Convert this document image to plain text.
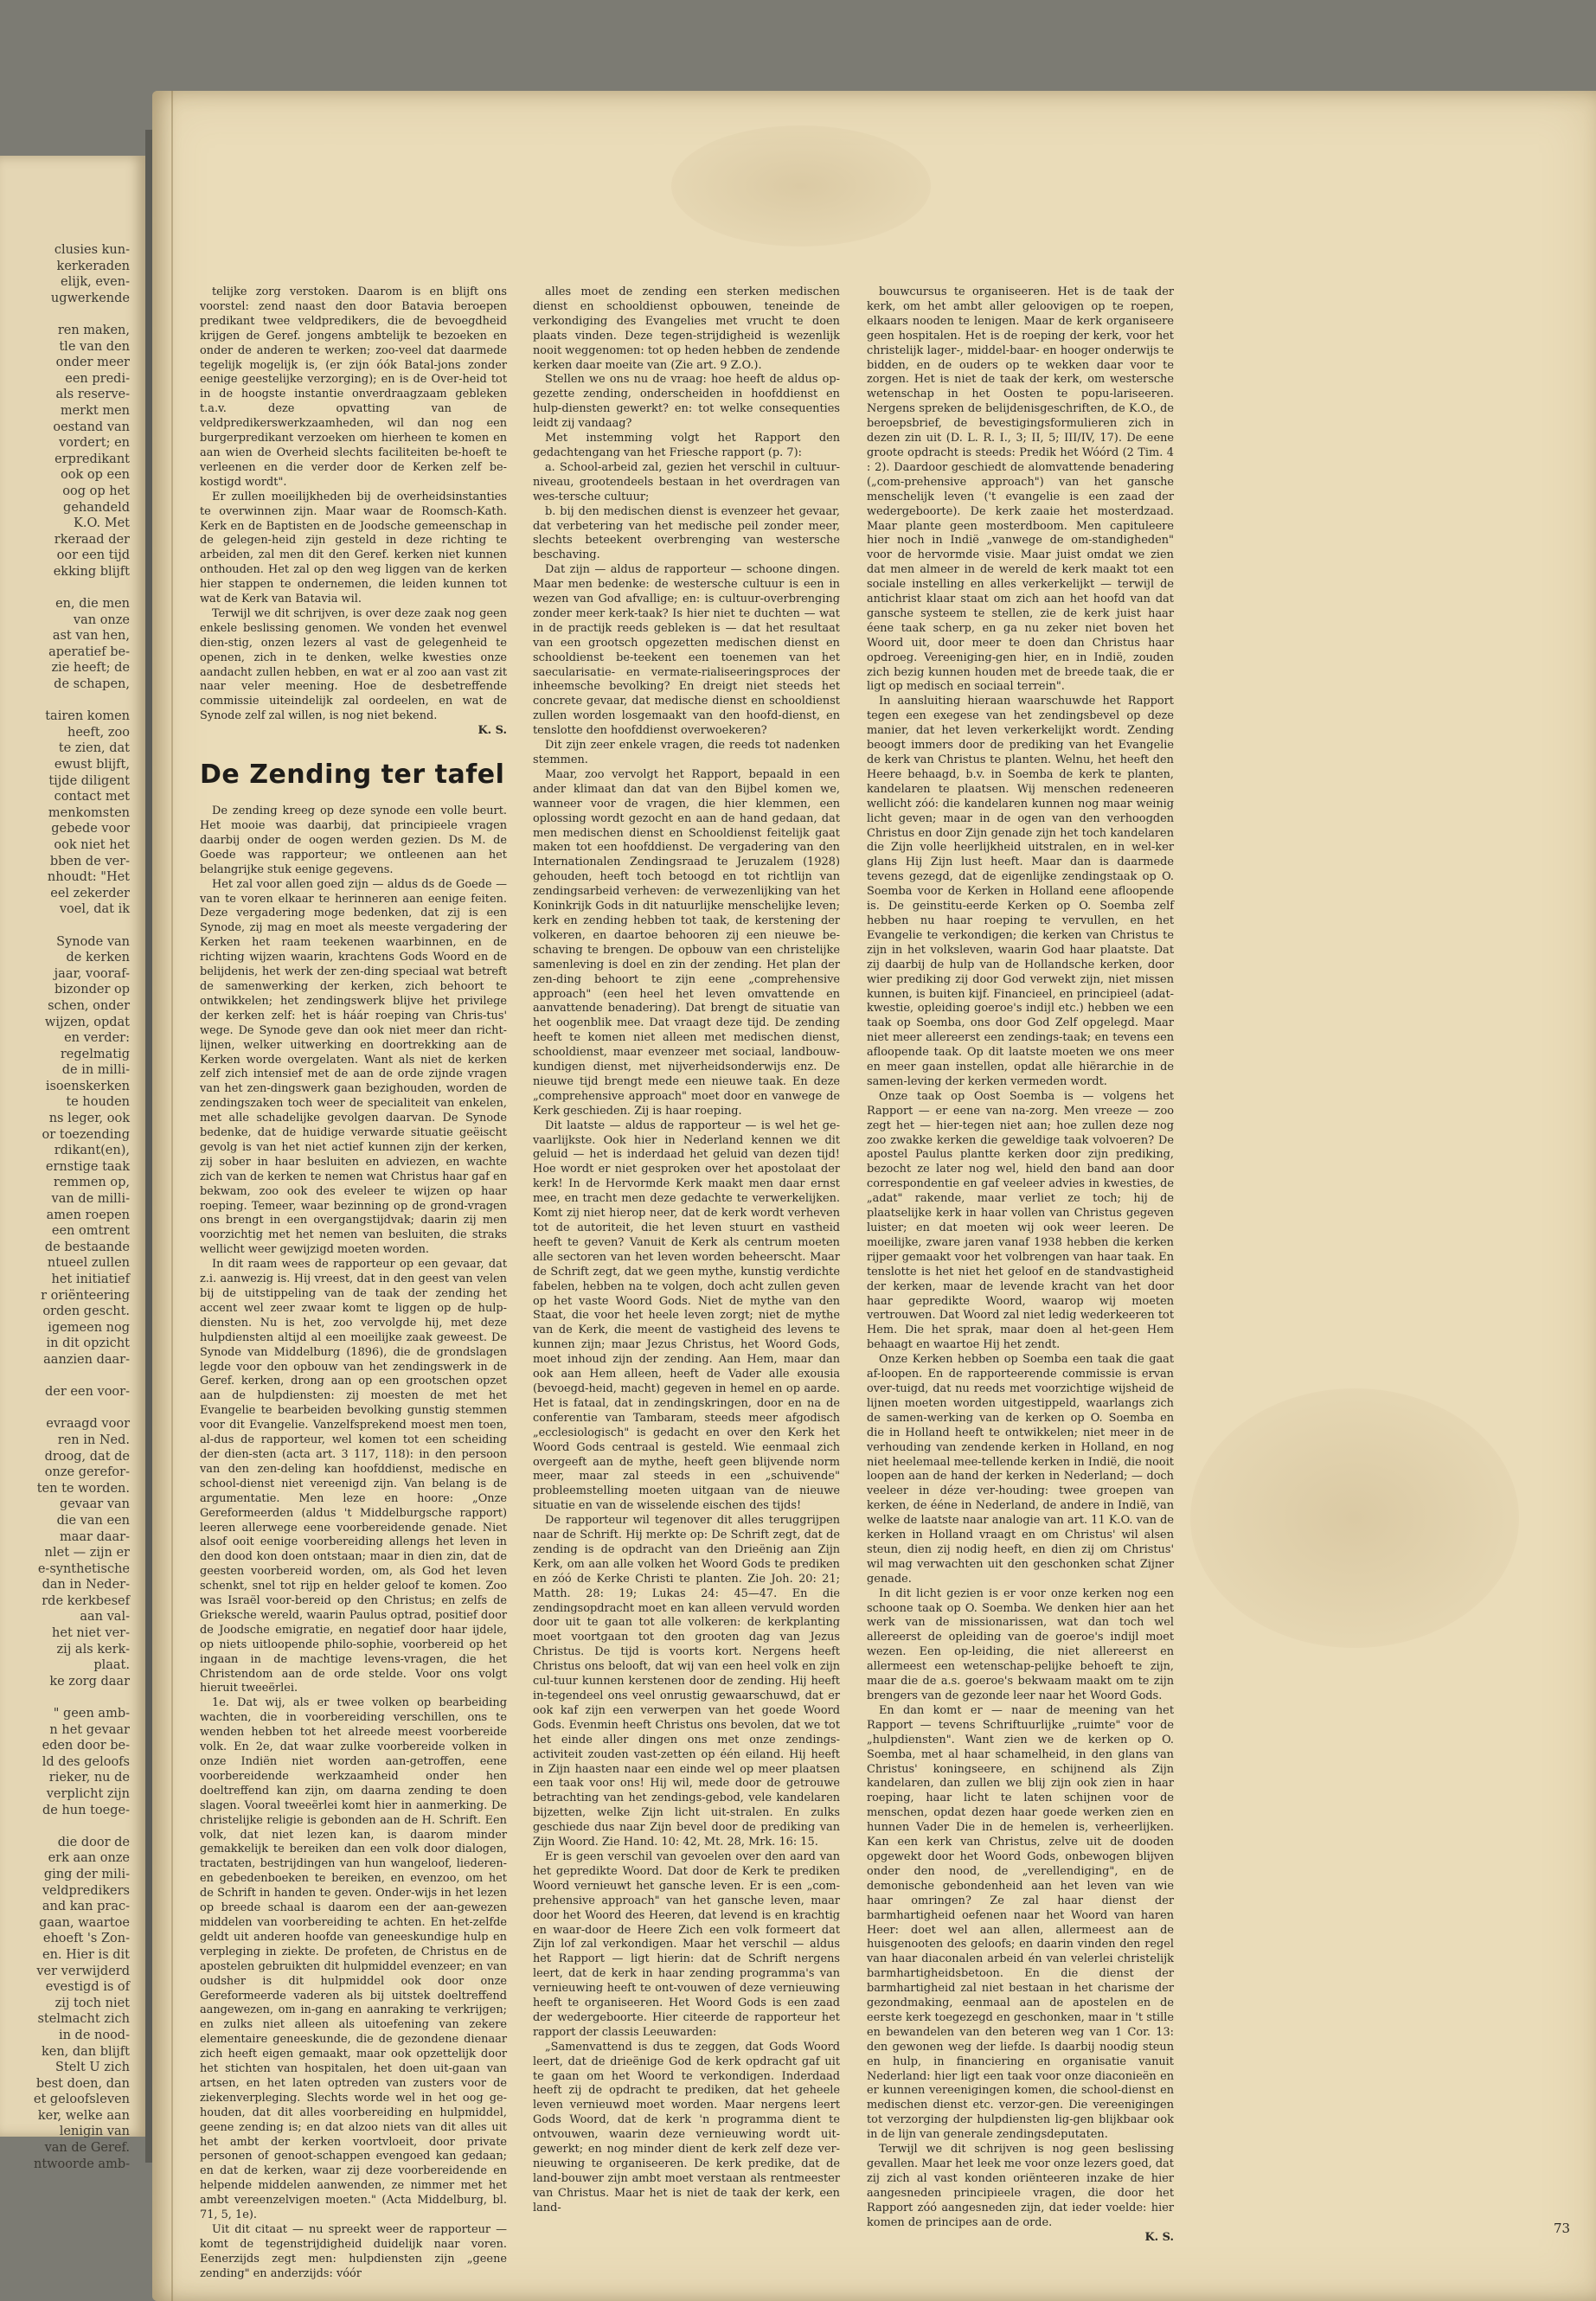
clusies kun-
kerkeraden
elijk, even-
ugwerkende

ren maken,
tle van den
onder meer
een predi-
als reserve-
merkt men
oestand van
vordert; en
erpredikant
ook op een
oog op het
gehandeld
K.O. Met
rkeraad der
oor een tijd
ekking blijft

en, die men
van onze
ast van hen,
aperatief be-
zie heeft; de
de schapen,

tairen komen
heeft, zoo
te zien, dat
ewust blijft,
tijde diligent
contact met
menkomsten
gebede voor
ook niet het
bben de ver-
nhoudt: "Het
eel zekerder
voel, dat ik

Synode van
de kerken
jaar, vooraf-
bizonder op
schen, onder
wijzen, opdat
en verder:
regelmatig
de in milli-
isoenskerken
te houden
ns leger, ook
or toezending
rdikant(en),
ernstige taak
remmen op,
van de milli-
amen roepen
een omtrent
de bestaande
ntueel zullen
het initiatief
r oriënteering
orden gescht.
igemeen nog
in dit opzicht
aanzien daar-

der een voor-

evraagd voor
ren in Ned.
droog, dat de
onze gerefor-
ten te worden.
gevaar van
die van een
maar daar-
nlet — zijn er
e-synthetische
dan in Neder-
rde kerkbesef
aan val-
het niet ver-
zij als kerk-
plaat.
ke zorg daar

" geen amb-
n het gevaar
eden door be-
ld des geloofs
rieker, nu de
verplicht zijn
de hun toege-

die door de
erk aan onze
ging der mili-
veldpredikers
and kan prac-
gaan, waartoe
ehoeft 's Zon-
en. Hier is dit
ver verwijderd
evestigd is of
zij toch niet
stelmacht zich
in de nood-
ken, dan blijft
Stelt U zich
best doen, dan
et geloofsleven
ker, welke aan
lenigin van
van de Geref.
ntwoorde amb-

telijke zorg verstoken. Daarom is en blijft ons voorstel: zend naast den door Batavia beroepen predikant twee veldpredikers, die de bevoegdheid krijgen de Geref. jongens ambtelijk te bezoeken en onder de anderen te werken; zoo-veel dat daarmede tegelijk mogelijk is, (er zijn óók Batal-jons zonder eenige geestelijke verzorging); en is de Over-heid tot in de hoogste instantie onverdraagzaam gebleken t.a.v. deze opvatting van de veldpredikerswerkzaamheden, wil dan nog een burgerpredikant verzoeken om hierheen te komen en aan wien de Overheid slechts faciliteiten be-hoeft te verleenen en die verder door de Kerken zelf be-kostigd wordt".

Er zullen moeilijkheden bij de overheidsinstanties te overwinnen zijn. Maar waar de Roomsch-Kath. Kerk en de Baptisten en de Joodsche gemeenschap in de gelegen-heid zijn gesteld in deze richting te arbeiden, zal men dit den Geref. kerken niet kunnen onthouden. Het zal op den weg liggen van de kerken hier stappen te ondernemen, die leiden kunnen tot wat de Kerk van Batavia wil.

Terwijl we dit schrijven, is over deze zaak nog geen enkele beslissing genomen. We vonden het evenwel dien-stig, onzen lezers al vast de gelegenheid te openen, zich in te denken, welke kwesties onze aandacht zullen hebben, en wat er al zoo aan vast zit naar veler meening. Hoe de desbetreffende commissie uiteindelijk zal oordeelen, en wat de Synode zelf zal willen, is nog niet bekend.

K. S.

De Zending ter tafel

De zending kreeg op deze synode een volle beurt. Het mooie was daarbij, dat principieele vragen daarbij onder de oogen werden gezien. Ds M. de Goede was rapporteur; we ontleenen aan het belangrijke stuk eenige gegevens.

Het zal voor allen goed zijn — aldus ds de Goede — van te voren elkaar te herinneren aan eenige feiten. Deze vergadering moge bedenken, dat zij is een Synode, zij mag en moet als meeste vergadering der Kerken het raam teekenen waarbinnen, en de richting wijzen waarin, krachtens Gods Woord en de belijdenis, het werk der zen-ding speciaal wat betreft de samenwerking der kerken, zich behoort te ontwikkelen; het zendingswerk blijve het privilege der kerken zelf: het is háár roeping van Chris-tus' wege. De Synode geve dan ook niet meer dan richt-lijnen, welker uitwerking en doortrekking aan de Kerken worde overgelaten. Want als niet de kerken zelf zich intensief met de aan de orde zijnde vragen van het zen-dingswerk gaan bezighouden, worden de zendingszaken toch weer de specialiteit van enkelen, met alle schadelijke gevolgen daarvan. De Synode bedenke, dat de huidige verwarde situatie geëischt gevolg is van het niet actief kunnen zijn der kerken, zij sober in haar besluiten en adviezen, en wachte zich van de kerken te nemen wat Christus haar gaf en bekwam, zoo ook des eveleer te wijzen op haar roeping. Temeer, waar bezinning op de grond-vragen ons brengt in een overgangstijdvak; daarin zij men voorzichtig met het nemen van besluiten, die straks wellicht weer gewijzigd moeten worden.

In dit raam wees de rapporteur op een gevaar, dat z.i. aanwezig is. Hij vreest, dat in den geest van velen bij de uitstippeling van de taak der zending het accent wel zeer zwaar komt te liggen op de hulp-diensten. Nu is het, zoo vervolgde hij, met deze hulpdiensten altijd al een moeilijke zaak geweest. De Synode van Middelburg (1896), die de grondslagen legde voor den opbouw van het zendingswerk in de Geref. kerken, drong aan op een grootschen opzet aan de hulpdiensten: zij moesten de met het Evangelie te bearbeiden bevolking gunstig stemmen voor dit Evangelie. Vanzelfsprekend moest men toen, al-dus de rapporteur, wel komen tot een scheiding der dien-sten (acta art. 3 117, 118): in den persoon van den zen-deling kan hoofddienst, medische en school-dienst niet vereenigd zijn. Van belang is de argumentatie. Men leze en hoore: „Onze Gereformeerden (aldus 't Middelburgsche rapport) leeren allerwege eene voorbereidende genade. Niet alsof ooit eenige voorbereiding allengs het leven in den dood kon doen ontstaan; maar in dien zin, dat de geesten voorbereid worden, om, als God het leven schenkt, snel tot rijp en helder geloof te komen. Zoo was Israël voor-bereid op den Christus; en zelfs de Grieksche wereld, waarin Paulus optrad, positief door de Joodsche emigratie, en negatief door haar ijdele, op niets uitloopende philo-sophie, voorbereid op het ingaan in de machtige levens-vragen, die het Christendom aan de orde stelde. Voor ons volgt hieruit tweeërlei.

1e. Dat wij, als er twee volken op bearbeiding wachten, die in voorbereiding verschillen, ons te wenden hebben tot het alreede meest voorbereide volk. En 2e, dat waar zulke voorbereide volken in onze Indiën niet worden aan-getroffen, eene voorbereidende werkzaamheid onder hen doeltreffend kan zijn, om daarna zending te doen slagen. Vooral tweeërlei komt hier in aanmerking. De christelijke religie is gebonden aan de H. Schrift. Een volk, dat niet lezen kan, is daarom minder gemakkelijk te bereiken dan een volk door dialogen, tractaten, bestrijdingen van hun wangeloof, liederen- en gebedenboeken te bereiken, en evenzoo, om het de Schrift in handen te geven. Onder-wijs in het lezen op breede schaal is daarom een der aan-gewezen middelen van voorbereiding te achten. En het-zelfde geldt uit anderen hoofde van geneeskundige hulp en verpleging in ziekte. De profeten, de Christus en de apostelen gebruikten dit hulpmiddel evenzeer; en van oudsher is dit hulpmiddel ook door onze Gereformeerde vaderen als bij uitstek doeltreffend aangewezen, om in-gang en aanraking te verkrijgen; en zulks niet alleen als uitoefening van zekere elementaire geneeskunde, die de gezondene dienaar zich heeft eigen gemaakt, maar ook opzettelijk door het stichten van hospitalen, het doen uit-gaan van artsen, en het laten optreden van zusters voor de ziekenverpleging. Slechts worde wel in het oog ge-houden, dat dit alles voorbereiding en hulpmiddel, geene zending is; en dat alzoo niets van dit alles uit het ambt der kerken voortvloeit, door private personen of genoot-schappen evengoed kan gedaan; en dat de kerken, waar zij deze voorbereidende en helpende middelen aanwenden, ze nimmer met het ambt vereenzelvigen moeten." (Acta Middelburg, bl. 71, 5, 1e).

Uit dit citaat — nu spreekt weer de rapporteur — komt de tegenstrijdigheid duidelijk naar voren. Eenerzijds zegt men: hulpdiensten zijn „geene zending" en anderzijds: vóór

alles moet de zending een sterken medischen dienst en schooldienst opbouwen, teneinde de verkondiging des Evangelies met vrucht te doen plaats vinden. Deze tegen-strijdigheid is wezenlijk nooit weggenomen: tot op heden hebben de zendende kerken daar moeite van (Zie art. 9 Z.O.).

Stellen we ons nu de vraag: hoe heeft de aldus op-gezette zending, onderscheiden in hoofddienst en hulp-diensten gewerkt? en: tot welke consequenties leidt zij vandaag?

Met instemming volgt het Rapport den gedachtengang van het Friesche rapport (p. 7):

a. School-arbeid zal, gezien het verschil in cultuur-niveau, grootendeels bestaan in het overdragen van wes-tersche cultuur;

b. bij den medischen dienst is evenzeer het gevaar, dat verbetering van het medische peil zonder meer, slechts beteekent overbrenging van westersche beschaving.

Dat zijn — aldus de rapporteur — schoone dingen. Maar men bedenke: de westersche cultuur is een in wezen van God afvallige; en: is cultuur-overbrenging zonder meer kerk-taak? Is hier niet te duchten — wat in de practijk reeds gebleken is — dat het resultaat van een grootsch opgezetten medischen dienst en schooldienst be-teekent een toenemen van het saecularisatie- en vermate-rialiseeringsproces der inheemsche bevolking? En dreigt niet steeds het concrete gevaar, dat medische dienst en schooldienst zullen worden losgemaakt van den hoofd-dienst, en tenslotte den hoofddienst overwoekeren?

Dit zijn zeer enkele vragen, die reeds tot nadenken stemmen.

Maar, zoo vervolgt het Rapport, bepaald in een ander klimaat dan dat van den Bijbel komen we, wanneer voor de vragen, die hier klemmen, een oplossing wordt gezocht en aan de hand gedaan, dat men medischen dienst en Schooldienst feitelijk gaat maken tot een hoofddienst. De vergadering van den Internationalen Zendingsraad te Jeruzalem (1928) gehouden, heeft toch betoogd en tot richtlijn van zendingsarbeid verheven: de verwezenlijking van het Koninkrijk Gods in dit natuurlijke menschelijke leven; kerk en zending hebben tot taak, de kerstening der volkeren, en daartoe behooren zij een nieuwe be-schaving te brengen. De opbouw van een christelijke samenleving is doel en zin der zending. Het plan der zen-ding behoort te zijn eene „comprehensive approach" (een heel het leven omvattende en aanvattende benadering). Dat brengt de situatie van het oogenblik mee. Dat vraagt deze tijd. De zending heeft te komen niet alleen met medischen dienst, schooldienst, maar evenzeer met sociaal, landbouw-kundigen dienst, met nijverheidsonderwijs enz. De nieuwe tijd brengt mede een nieuwe taak. En deze „comprehensive approach" moet door en vanwege de Kerk geschieden. Zij is haar roeping.

Dit laatste — aldus de rapporteur — is wel het ge-vaarlijkste. Ook hier in Nederland kennen we dit geluid — het is inderdaad het geluid van dezen tijd! Hoe wordt er niet gesproken over het apostolaat der kerk! In de Hervormde Kerk maakt men daar ernst mee, en tracht men deze gedachte te verwerkelijken. Komt zij niet hierop neer, dat de kerk wordt verheven tot de autoriteit, die het leven stuurt en vastheid heeft te geven? Vanuit de Kerk als centrum moeten alle sectoren van het leven worden beheerscht. Maar de Schrift zegt, dat we geen mythe, kunstig verdichte fabelen, hebben na te volgen, doch acht zullen geven op het vaste Woord Gods. Niet de mythe van den Staat, die voor het heele leven zorgt; niet de mythe van de Kerk, die meent de vastigheid des levens te kunnen zijn; maar Jezus Christus, het Woord Gods, moet inhoud zijn der zending. Aan Hem, maar dan ook aan Hem alleen, heeft de Vader alle exousia (bevoegd-heid, macht) gegeven in hemel en op aarde. Het is fataal, dat in zendingskringen, door en na de conferentie van Tambaram, steeds meer afgodisch „ecclesiologisch" is gedacht en over den Kerk het Woord Gods centraal is gesteld. Wie eenmaal zich overgeeft aan de mythe, heeft geen blijvende norm meer, maar zal steeds in een „schuivende" probleemstelling moeten uitgaan van de nieuwe situatie en van de wisselende eischen des tijds!

De rapporteur wil tegenover dit alles teruggrijpen naar de Schrift. Hij merkte op: De Schrift zegt, dat de zending is de opdracht van den Drieënig aan Zijn Kerk, om aan alle volken het Woord Gods te prediken en zóó de Kerke Christi te planten. Zie Joh. 20: 21; Matth. 28: 19; Lukas 24: 45—47. En die zendingsopdracht moet en kan alleen vervuld worden door uit te gaan tot alle volkeren: de kerkplanting moet voortgaan tot den grooten dag van Jezus Christus. De tijd is voorts kort. Nergens heeft Christus ons belooft, dat wij van een heel volk en zijn cul-tuur kunnen kerstenen door de zending. Hij heeft in-tegendeel ons veel onrustig gewaarschuwd, dat er ook kaf zijn een verwerpen van het goede Woord Gods. Evenmin heeft Christus ons bevolen, dat we tot het einde aller dingen ons met onze zendings-activiteit zouden vast-zetten op één eiland. Hij heeft in Zijn haasten naar een einde wel op meer plaatsen een taak voor ons! Hij wil, mede door de getrouwe betrachting van het zendings-gebod, vele kandelaren bijzetten, welke Zijn licht uit-stralen. En zulks geschiede dus naar Zijn bevel door de prediking van Zijn Woord. Zie Hand. 10: 42, Mt. 28, Mrk. 16: 15.

Er is geen verschil van gevoelen over den aard van het gepredikte Woord. Dat door de Kerk te prediken Woord vernieuwt het gansche leven. Er is een „com-prehensive approach" van het gansche leven, maar door het Woord des Heeren, dat levend is en krachtig en waar-door de Heere Zich een volk formeert dat Zijn lof zal verkondigen. Maar het verschil — aldus het Rapport — ligt hierin: dat de Schrift nergens leert, dat de kerk in haar zending programma's van vernieuwing heeft te ont-vouwen of deze vernieuwing heeft te organiseeren. Het Woord Gods is een zaad der wedergeboorte. Hier citeerde de rapporteur het rapport der classis Leeuwarden:

„Samenvattend is dus te zeggen, dat Gods Woord leert, dat de drieënige God de kerk opdracht gaf uit te gaan om het Woord te verkondigen. Inderdaad heeft zij de opdracht te prediken, dat het geheele leven vernieuwd moet worden. Maar nergens leert Gods Woord, dat de kerk 'n programma dient te ontvouwen, waarin deze vernieuwing wordt uit-gewerkt; en nog minder dient de kerk zelf deze ver-nieuwing te organiseeren. De kerk predike, dat de land-bouwer zijn ambt moet verstaan als rentmeester van Christus. Maar het is niet de taak der kerk, een land-

bouwcursus te organiseeren. Het is de taak der kerk, om het ambt aller geloovigen op te roepen, elkaars nooden te lenigen. Maar de kerk organiseere geen hospitalen. Het is de roeping der kerk, voor het christelijk lager-, middel-baar- en hooger onderwijs te bidden, en de ouders op te wekken daar voor te zorgen. Het is niet de taak der kerk, om westersche wetenschap in het Oosten te popu-lariseeren. Nergens spreken de belijdenisgeschriften, de K.O., de beroepsbrief, de bevestigingsformulieren zich in dezen zin uit (D. L. R. I., 3; II, 5; III/IV, 17). De eene groote opdracht is steeds: Predik het Wóórd (2 Tim. 4 : 2). Daardoor geschiedt de alomvattende benadering („com-prehensive approach") van het gansche menschelijk leven ('t evangelie is een zaad der wedergeboorte). De kerk zaaie het mosterdzaad. Maar plante geen mosterdboom. Men capituleere hier noch in Indië „vanwege de om-standigheden" voor de hervormde visie. Maar juist omdat we zien dat men almeer in de wereld de kerk maakt tot een sociale instelling en alles verkerkelijkt — terwijl de antichrist klaar staat om zich aan het hoofd van dat gansche systeem te stellen, zie de kerk juist haar éene taak scherp, en ga nu zeker niet boven het Woord uit, door meer te doen dan Christus haar opdroeg. Vereeniging-gen hier, en in Indië, zouden zich bezig kunnen houden met de breede taak, die er ligt op medisch en sociaal terrein".

In aansluiting hieraan waarschuwde het Rapport tegen een exegese van het zendingsbevel op deze manier, dat het leven verkerkelijkt wordt. Zending beoogt immers door de prediking van het Evangelie de kerk van Christus te planten. Welnu, het heeft den Heere behaagd, b.v. in Soemba de kerk te planten, kandelaren te plaatsen. Wij menschen redeneeren wellicht zóó: die kandelaren kunnen nog maar weinig licht geven; maar in de ogen van den verhoogden Christus en door Zijn genade zijn het toch kandelaren die Zijn volle heerlijkheid uitstralen, en in wel-ker glans Hij Zijn lust heeft. Maar dan is daarmede tevens gezegd, dat de eigenlijke zendingstaak op O. Soemba voor de Kerken in Holland eene afloopende is. De geinstitu-eerde Kerken op O. Soemba zelf hebben nu haar roeping te vervullen, en het Evangelie te verkondigen; die kerken van Christus te zijn in het volksleven, waarin God haar plaatste. Dat zij daarbij de hulp van de Hollandsche kerken, door wier prediking zij door God verwekt zijn, niet missen kunnen, is buiten kijf. Financieel, en principieel (adat-kwestie, opleiding goeroe's indijl etc.) hebben we een taak op Soemba, ons door God Zelf opgelegd. Maar niet meer allereerst een zendings-taak; en tevens een afloopende taak. Op dit laatste moeten we ons meer en meer gaan instellen, opdat alle hiërarchie in de samen-leving der kerken vermeden wordt.

Onze taak op Oost Soemba is — volgens het Rapport — er eene van na-zorg. Men vreeze — zoo zegt het — hier-tegen niet aan; hoe zullen deze nog zoo zwakke kerken die geweldige taak volvoeren? De apostel Paulus plantte kerken door zijn prediking, bezocht ze later nog wel, hield den band aan door correspondentie en gaf veeleer advies in kwesties, de „adat" rakende, maar verliet ze toch; hij de plaatselijke kerk in haar vollen van Christus gegeven luister; en dat moeten wij ook weer leeren. De moeilijke, zware jaren vanaf 1938 hebben die kerken rijper gemaakt voor het volbrengen van haar taak. En tenslotte is het niet het geloof en de standvastigheid der kerken, maar de levende kracht van het door haar gepredikte Woord, waarop wij moeten vertrouwen. Dat Woord zal niet ledig wederkeeren tot Hem. Die het sprak, maar doen al het-geen Hem behaagt en waartoe Hij het zendt.

Onze Kerken hebben op Soemba een taak die gaat af-loopen. En de rapporteerende commissie is ervan over-tuigd, dat nu reeds met voorzichtige wijsheid de lijnen moeten worden uitgestippeld, waarlangs zich de samen-werking van de kerken op O. Soemba en die in Holland heeft te ontwikkelen; niet meer in de verhouding van zendende kerken in Holland, en nog niet heelemaal mee-tellende kerken in Indië, die nooit loopen aan de hand der kerken in Nederland; — doch veeleer in déze ver-houding: twee groepen van kerken, de ééne in Nederland, de andere in Indië, van welke de laatste naar analogie van art. 11 K.O. van de kerken in Holland vraagt en om Christus' wil alsen steun, dien zij nodig heeft, en dien zij om Christus' wil mag verwachten uit den geschonken schat Zijner genade.

In dit licht gezien is er voor onze kerken nog een schoone taak op O. Soemba. We denken hier aan het werk van de missionarissen, wat dan toch wel allereerst de opleiding van de goeroe's indijl moet wezen. Een op-leiding, die niet allereerst en allermeest een wetenschap-pelijke behoeft te zijn, maar die de a.s. goeroe's bekwaam maakt om te zijn brengers van de gezonde leer naar het Woord Gods.

En dan komt er — naar de meening van het Rapport — tevens Schriftuurlijke „ruimte" voor de „hulpdiensten". Want zien we de kerken op O. Soemba, met al haar schamelheid, in den glans van Christus' koningseere, en schijnend als Zijn kandelaren, dan zullen we blij zijn ook zien in haar roeping, haar licht te laten schijnen voor de menschen, opdat dezen haar goede werken zien en hunnen Vader Die in de hemelen is, verheerlijken. Kan een kerk van Christus, zelve uit de dooden opgewekt door het Woord Gods, onbewogen blijven onder den nood, de „verellendiging", en de demonische gebondenheid aan het leven van wie haar omringen? Ze zal haar dienst der barmhartigheid oefenen naar het Woord van haren Heer: doet wel aan allen, allermeest aan de huisgenooten des geloofs; en daarin vinden den regel van haar diaconalen arbeid én van velerlei christelijk barmhartigheidsbetoon. En die dienst der barmhartigheid zal niet bestaan in het charisme der gezondmaking, eenmaal aan de apostelen en de eerste kerk toegezegd en geschonken, maar in 't stille en bewandelen van den beteren weg van 1 Cor. 13: den gewonen weg der liefde. Is daarbij noodig steun en hulp, in financiering en organisatie vanuit Nederland: hier ligt een taak voor onze diaconieën en er kunnen vereenigingen komen, die school-dienst en medischen dienst etc. verzor-gen. Die vereenigingen tot verzorging der hulpdiensten lig-gen blijkbaar ook in de lijn van generale zendingsdeputaten.

Terwijl we dit schrijven is nog geen beslissing gevallen. Maar het leek me voor onze lezers goed, dat zij zich al vast konden oriënteeren inzake de hier aangesneden principieele vragen, die door het Rapport zóó aangesneden zijn, dat ieder voelde: hier komen de principes aan de orde.

K. S.

73
